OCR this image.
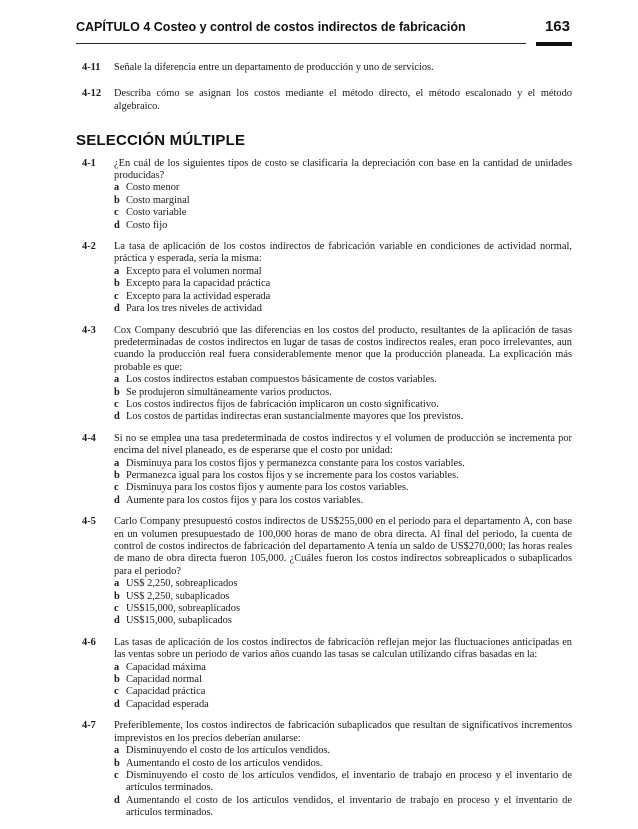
CAPÍTULO 4 Costeo y control de costos indirectos de fabricación	163
4-11	Señale la diferencia entre un departamento de producción y uno de servicios.
4-12	Describa cómo se asignan los costos mediante el método directo, el método escalonado y el método algebraico.
SELECCIÓN MÚLTIPLE
4-1	¿En cuál de los siguientes tipos de costo se clasificaría la depreciación con base en la cantidad de unidades producidas?
a Costo menor
b Costo marginal
c Costo variable
d Costo fijo
4-2	La tasa de aplicación de los costos indirectos de fabricación variable en condiciones de actividad normal, práctica y esperada, sería la misma:
a Excepto para el volumen normal
b Excepto para la capacidad práctica
c Excepto para la actividad esperada
d Para los tres niveles de actividad
4-3	Cox Company descubrió que las diferencias en los costos del producto, resultantes de la aplicación de tasas predeterminadas de costos indirectos en lugar de tasas de costos indirectos reales, eran poco irrelevantes, aun cuando la producción real fuera considerablemente menor que la producción planeada. La explicación más probable es que:
a Los costos indirectos estaban compuestos básicamente de costos variables.
b Se produjeron simultáneamente varios productos.
c Los costos indirectos fijos de fabricación implicaron un costo significativo.
d Los costos de partidas indirectas eran sustancialmente mayores que los previstos.
4-4	Si no se emplea una tasa predeterminada de costos indirectos y el volumen de producción se incrementa por encima del nivel planeado, es de esperarse que el costo por unidad:
a Disminuya para los costos fijos y permanezca constante para los costos variables.
b Permanezca igual para los costos fijos y se incremente para los costos variables.
c Disminuya para los costos fijos y aumente para los costos variables.
d Aumente para los costos fijos y para los costos variables.
4-5	Carlo Company presupuestó costos indirectos de US$255,000 en el periodo para el departamento A, con base en un volumen presupuestado de 100,000 horas de mano de obra directa. Al final del periodo, la cuenta de control de costos indirectos de fabricación del departamento A tenía un saldo de US$270,000; las horas reales de mano de obra directa fueron 105,000. ¿Cuáles fueron los costos indirectos sobreaplicados o subaplicados para el periodo?
a US$ 2,250, sobreaplicados
b US$ 2,250, subaplicados
c US$15,000, sobreaplicados
d US$15,000, subaplicados
4-6	Las tasas de aplicación de los costos indirectos de fabricación reflejan mejor las fluctuaciones anticipadas en las ventas sobre un periodo de varios años cuando las tasas se calculan utilizando cifras basadas en la:
a Capacidad máxima
b Capacidad normal
c Capacidad práctica
d Capacidad esperada
4-7	Preferiblemente, los costos indirectos de fabricación subaplicados que resultan de significativos incrementos imprevistos en los precios deberían anularse:
a Disminuyendo el costo de los artículos vendidos.
b Aumentando el costo de los artículos vendidos.
c Disminuyendo el costo de los artículos vendidos, el inventario de trabajo en proceso y el inventario de artículos terminados.
d Aumentando el costo de los artículos vendidos, el inventario de trabajo en proceso y el inventario de artículos terminados.
